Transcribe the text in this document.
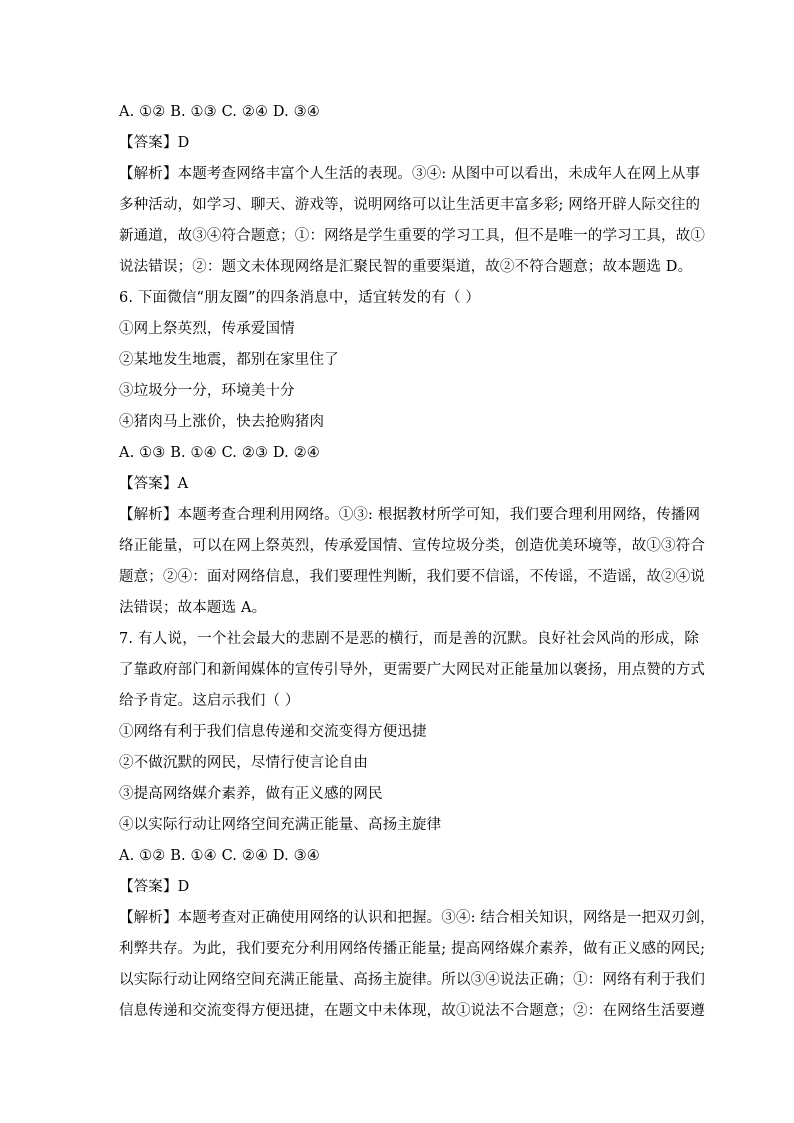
A. ①② B. ①③ C. ②④ D. ③④
【答案】D
【解析】本题考查网络丰富个人生活的表现。③④: 从图中可以看出，未成年人在网上从事
多种活动，如学习、聊天、游戏等，说明网络可以让生活更丰富多彩; 网络开辟人际交往的
新通道，故③④符合题意；①：网络是学生重要的学习工具，但不是唯一的学习工具，故①
说法错误；②：题文未体现网络是汇聚民智的重要渠道，故②不符合题意；故本题选 D。
6. 下面微信“朋友圈”的四条消息中，适宜转发的有（ ）
①网上祭英烈，传承爱国情
②某地发生地震，都别在家里住了
③垃圾分一分，环境美十分
④猪肉马上涨价，快去抢购猪肉
A. ①③ B. ①④ C. ②③ D. ②④
【答案】A
【解析】本题考查合理利用网络。①③: 根据教材所学可知，我们要合理利用网络，传播网
络正能量，可以在网上祭英烈，传承爱国情、宣传垃圾分类，创造优美环境等，故①③符合
题意；②④：面对网络信息，我们要理性判断，我们要不信谣，不传谣，不造谣，故②④说
法错误；故本题选 A。
7. 有人说，一个社会最大的悲剧不是恶的横行，而是善的沉默。良好社会风尚的形成，除
了靠政府部门和新闻媒体的宣传引导外，更需要广大网民对正能量加以褒扬，用点赞的方式
给予肯定。这启示我们（ ）
①网络有利于我们信息传递和交流变得方便迅捷
②不做沉默的网民，尽情行使言论自由
③提高网络媒介素养，做有正义感的网民
④以实际行动让网络空间充满正能量、高扬主旋律
A. ①② B. ①④ C. ②④ D. ③④
【答案】D
【解析】本题考查对正确使用网络的认识和把握。③④: 结合相关知识，网络是一把双刃剑，
利弊共存。为此，我们要充分利用网络传播正能量; 提高网络媒介素养，做有正义感的网民;
以实际行动让网络空间充满正能量、高扬主旋律。所以③④说法正确；①：网络有利于我们
信息传递和交流变得方便迅捷，在题文中未体现，故①说法不合题意；②：在网络生活要遵
